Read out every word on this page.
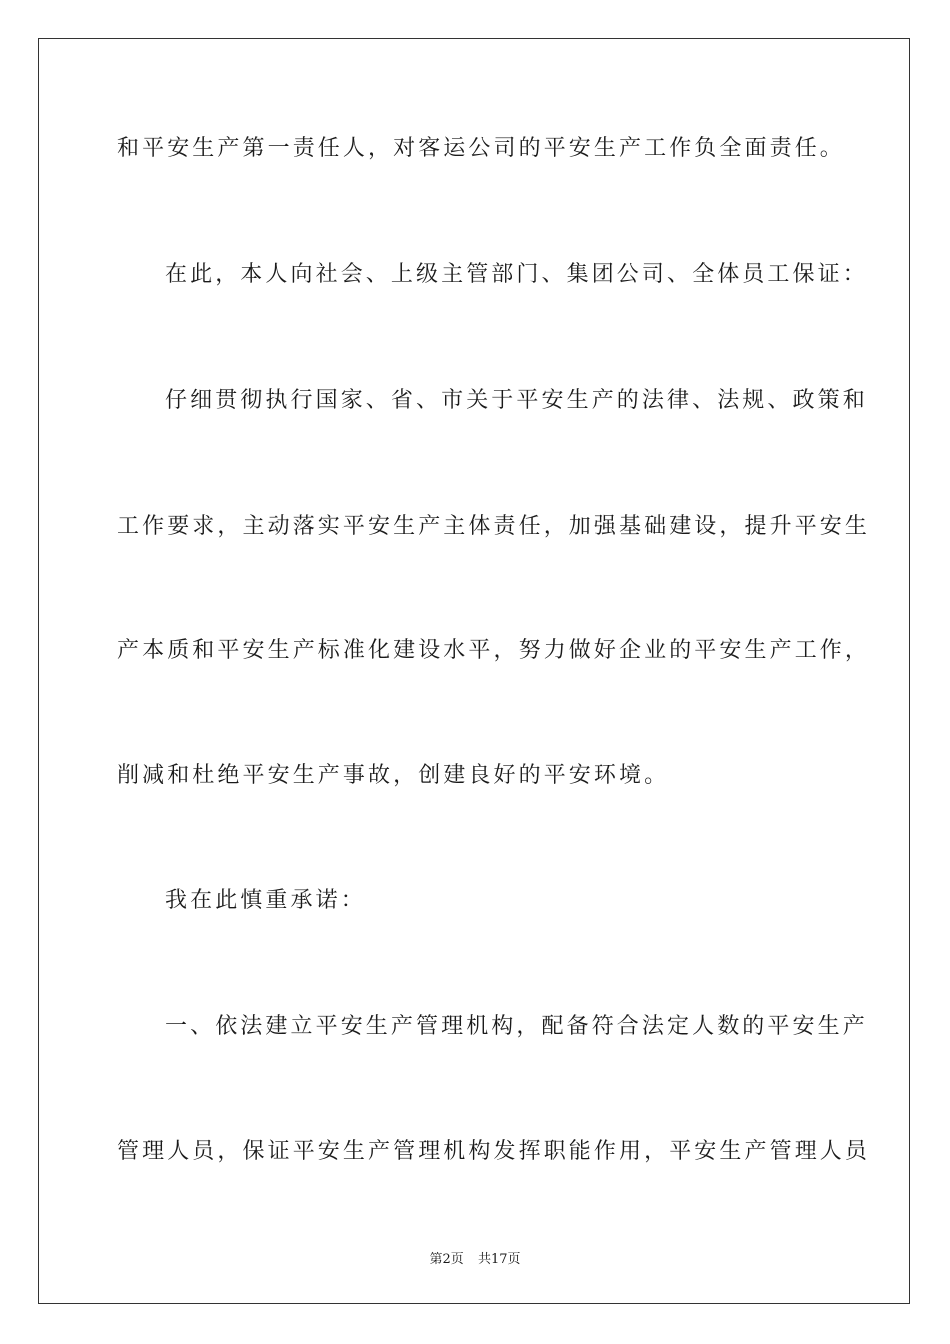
和平安生产第一责任人，对客运公司的平安生产工作负全面责任。

在此，本人向社会、上级主管部门、集团公司、全体员工保证：

仔细贯彻执行国家、省、市关于平安生产的法律、法规、政策和

工作要求，主动落实平安生产主体责任，加强基础建设，提升平安生

产本质和平安生产标准化建设水平，努力做好企业的平安生产工作，

削减和杜绝平安生产事故，创建良好的平安环境。

我在此慎重承诺：

一、依法建立平安生产管理机构，配备符合法定人数的平安生产

管理人员，保证平安生产管理机构发挥职能作用，平安生产管理人员

第2页 共17页
